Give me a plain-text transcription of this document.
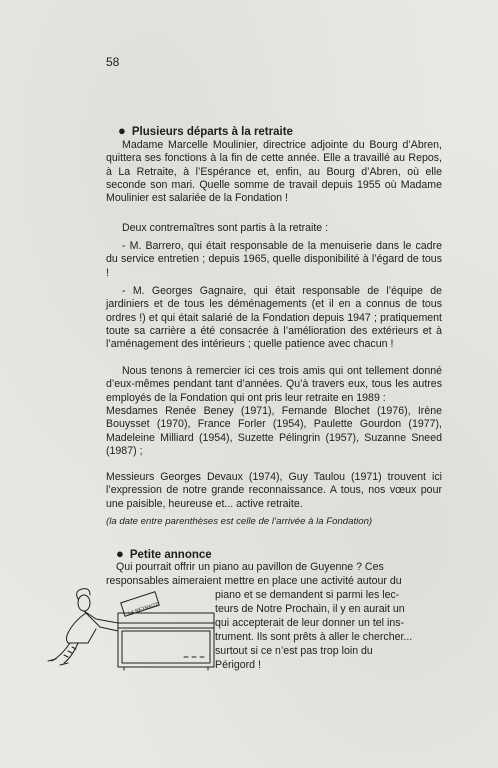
58
● Plusieurs départs à la retraite

Madame Marcelle Moulinier, directrice adjointe du Bourg d’Abren, quittera ses fonctions à la fin de cette année. Elle a travaillé au Repos, à La Retraite, à l’Espérance et, enfin, au Bourg d’Abren, où elle seconde son mari. Quelle somme de travail depuis 1955 où Madame Moulinier est salariée de la Fondation !

Deux contremaîtres sont partis à la retraite :

- M. Barrero, qui était responsable de la menuiserie dans le cadre du service entretien ; depuis 1965, quelle disponibilité à l’égard de tous !

- M. Georges Gagnaire, qui était responsable de l’équipe de jardiniers et de tous les déménagements (et il en a connus de tous ordres !) et qui était salarié de la Fondation depuis 1947 ; pratiquement toute sa carrière a été consacrée à l’amélioration des extérieurs et à l’aménagement des intérieurs ; quelle patience avec chacun !

Nous tenons à remercier ici ces trois amis qui ont tellement donné d’eux-mêmes pendant tant d’années. Qu’à travers eux, tous les autres employés de la Fondation qui ont pris leur retraite en 1989 :

Mesdames Renée Beney (1971), Fernande Blochet (1976), Irène Bouysset (1970), France Forler (1954), Paulette Gourdon (1977), Madeleine Milliard (1954), Suzette Pélingrin (1957), Suzanne Sneed (1987) ;

Messieurs Georges Devaux (1974), Guy Taulou (1971) trouvent ici l’expression de notre grande reconnaissance. A tous, nos vœux pour une paisible, heureuse et... active retraite.

(la date entre parenthèses est celle de l’arrivée à la Fondation)

● Petite annonce
Qui pourrait offrir un piano au pavillon de Guyenne ? Ces
responsables aimeraient mettre en place une activité autour du
piano et se demandent si parmi les lec-
teurs de Notre Prochain, il y en aurait un
qui accepterait de leur donner un tel ins-
trument. Ils sont prêts à aller le chercher...
surtout si ce n’est pas trop loin du
Périgord !
LA RETRAITE
